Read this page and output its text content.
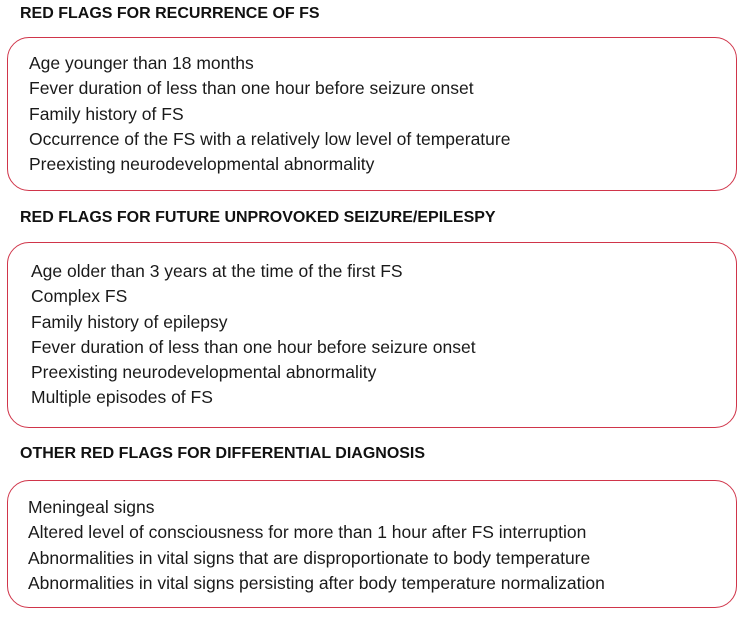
RED FLAGS FOR RECURRENCE OF FS
Age younger than 18 months
Fever duration of less than one hour before seizure onset
Family history of FS
Occurrence of the FS with a relatively low level of temperature
Preexisting neurodevelopmental abnormality
RED FLAGS FOR FUTURE UNPROVOKED SEIZURE/EPILESPY
Age older than 3 years at the time of the first FS
Complex FS
Family history of epilepsy
Fever duration of less than one hour before seizure onset
Preexisting neurodevelopmental abnormality
Multiple episodes of FS
OTHER RED FLAGS FOR DIFFERENTIAL DIAGNOSIS
Meningeal signs
Altered level of consciousness for more than 1 hour after FS interruption
Abnormalities in vital signs that are disproportionate to body temperature
Abnormalities in vital signs persisting after body temperature normalization
